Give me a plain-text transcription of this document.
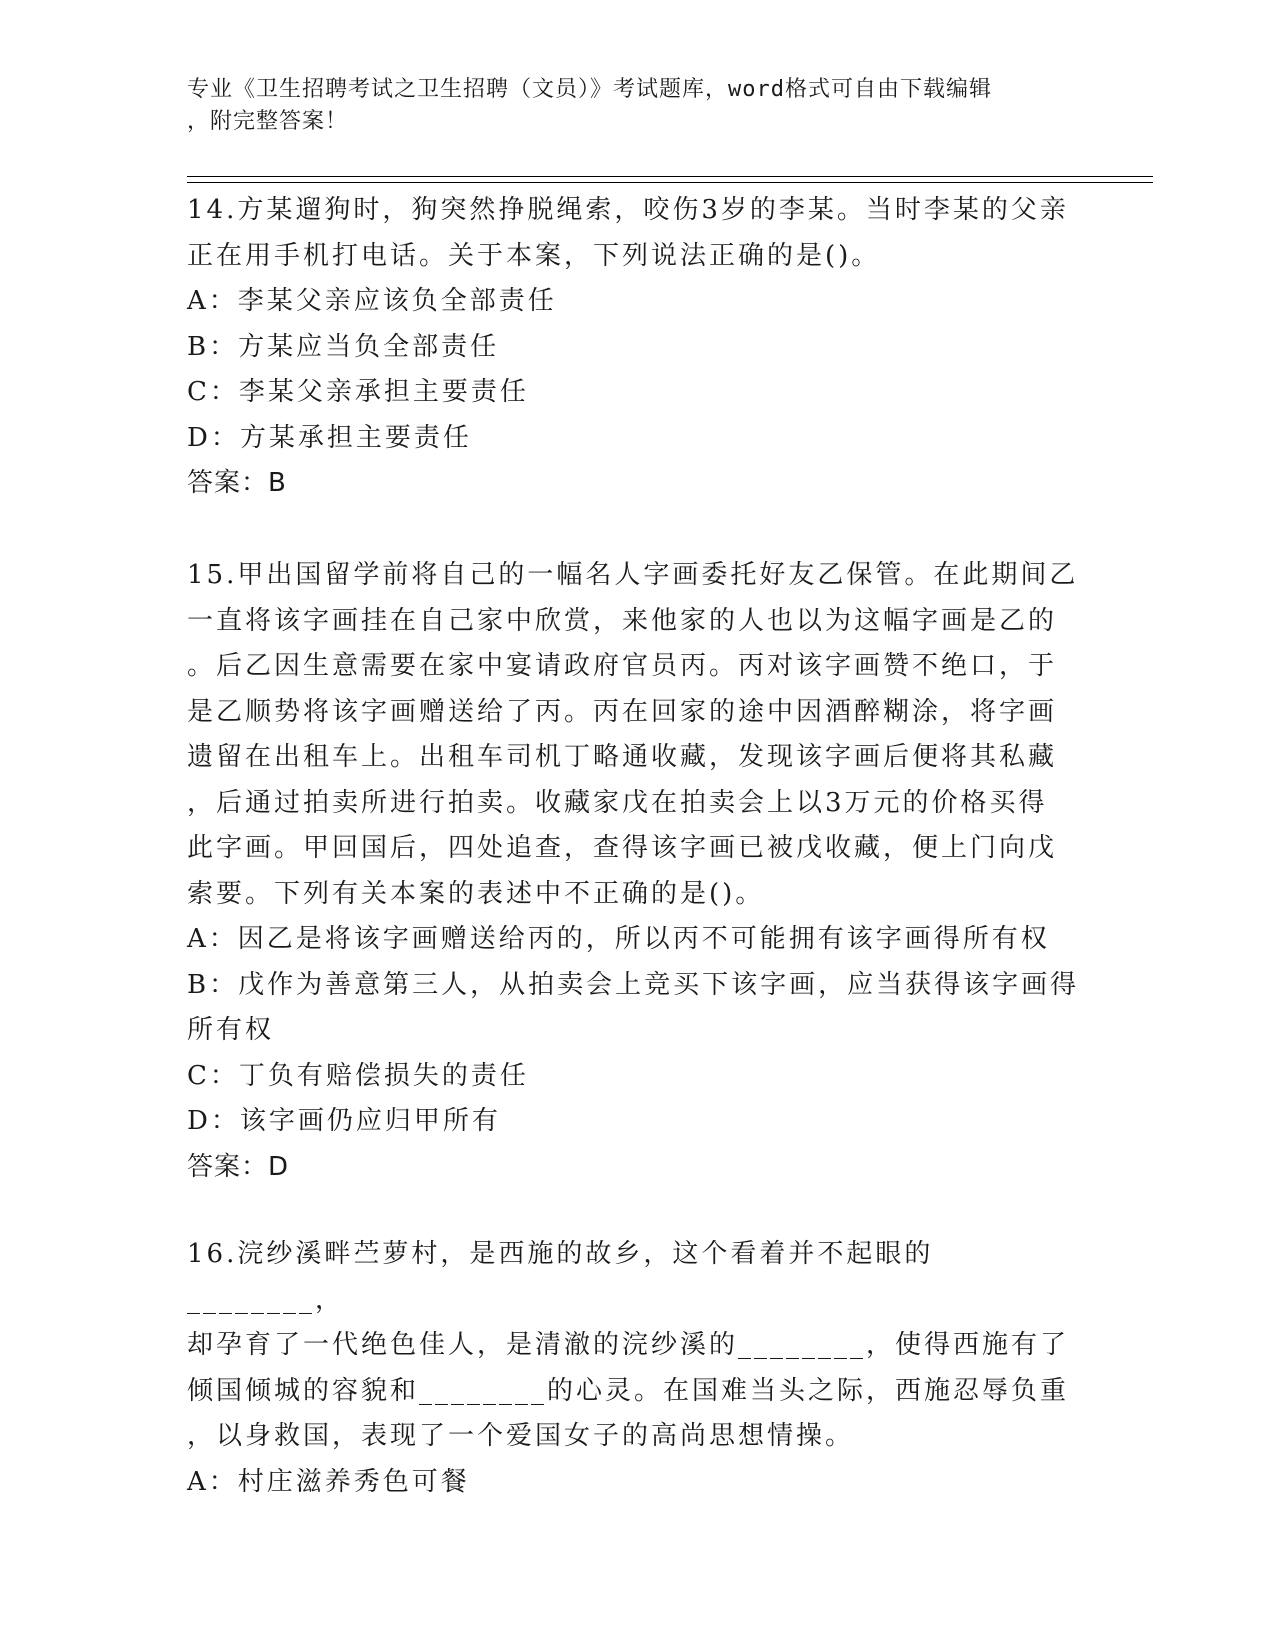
专业《卫生招聘考试之卫生招聘（文员）》考试题库，word格式可自由下载编辑
，附完整答案！

14.方某遛狗时，狗突然挣脱绳索，咬伤3岁的李某。当时李某的父亲

正在用手机打电话。关于本案，下列说法正确的是()。

A：李某父亲应该负全部责任

B：方某应当负全部责任

C：李某父亲承担主要责任

D：方某承担主要责任

答案：B

15.甲出国留学前将自己的一幅名人字画委托好友乙保管。在此期间乙

一直将该字画挂在自己家中欣赏，来他家的人也以为这幅字画是乙的

。后乙因生意需要在家中宴请政府官员丙。丙对该字画赞不绝口，于

是乙顺势将该字画赠送给了丙。丙在回家的途中因酒醉糊涂，将字画

遗留在出租车上。出租车司机丁略通收藏，发现该字画后便将其私藏

，后通过拍卖所进行拍卖。收藏家戊在拍卖会上以3万元的价格买得

此字画。甲回国后，四处追查，查得该字画已被戊收藏，便上门向戊

索要。下列有关本案的表述中不正确的是()。

A：因乙是将该字画赠送给丙的，所以丙不可能拥有该字画得所有权

B：戊作为善意第三人，从拍卖会上竞买下该字画，应当获得该字画得

所有权

C：丁负有赔偿损失的责任

D：该字画仍应归甲所有

答案：D

16.浣纱溪畔苎萝村，是西施的故乡，这个看着并不起眼的________，

却孕育了一代绝色佳人，是清澈的浣纱溪的________，使得西施有了

倾国倾城的容貌和________的心灵。在国难当头之际，西施忍辱负重

，以身救国，表现了一个爱国女子的高尚思想情操。

A：村庄滋养秀色可餐
